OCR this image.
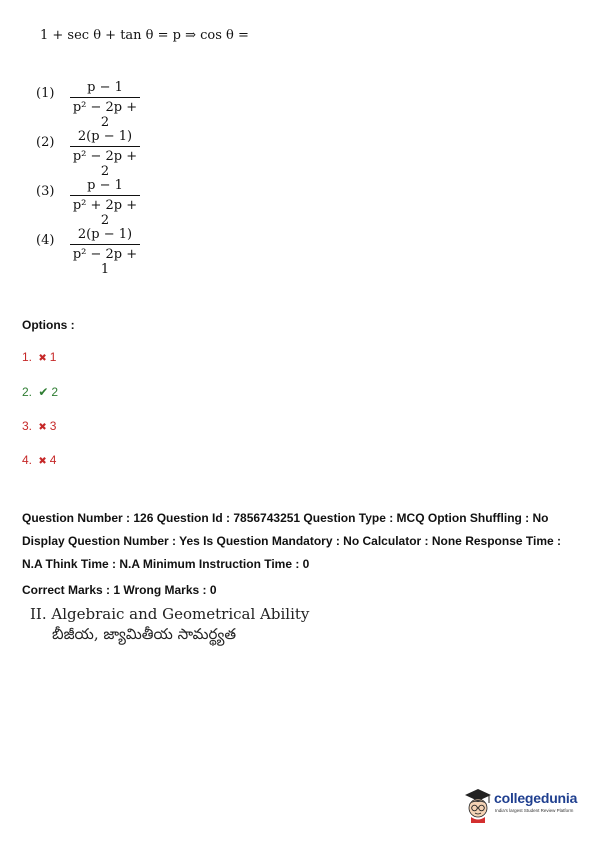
1 + sec θ + tan θ = p ⇒ cos θ =
$(1) \frac{p - 1}{\text{p² − 2p + 2}}$
$(2) \frac{2(p - 1)}{\text{p² − 2p + 2}}$
$(3) \frac{p - 1}{\text{p² + 2p + 2}}$
$(4) \frac{2(p - 1)}{\text{p² − 2p + 1}}$
Options :
1. ✖ 1
2. ✔ 2
3. ✖ 3
4. ✖ 4
Question Number : 126 Question Id : 7856743251 Question Type : MCQ Option Shuffling : No Display Question Number : Yes Is Question Mandatory : No Calculator : None Response Time : N.A Think Time : N.A Minimum Instruction Time : 0
Correct Marks : 1 Wrong Marks : 0
II. Algebraic and Geometrical Ability
బీజీయ, జ్యామితీయ సామర్థ్యత
collegedunia
India's largest Student Review Platform
